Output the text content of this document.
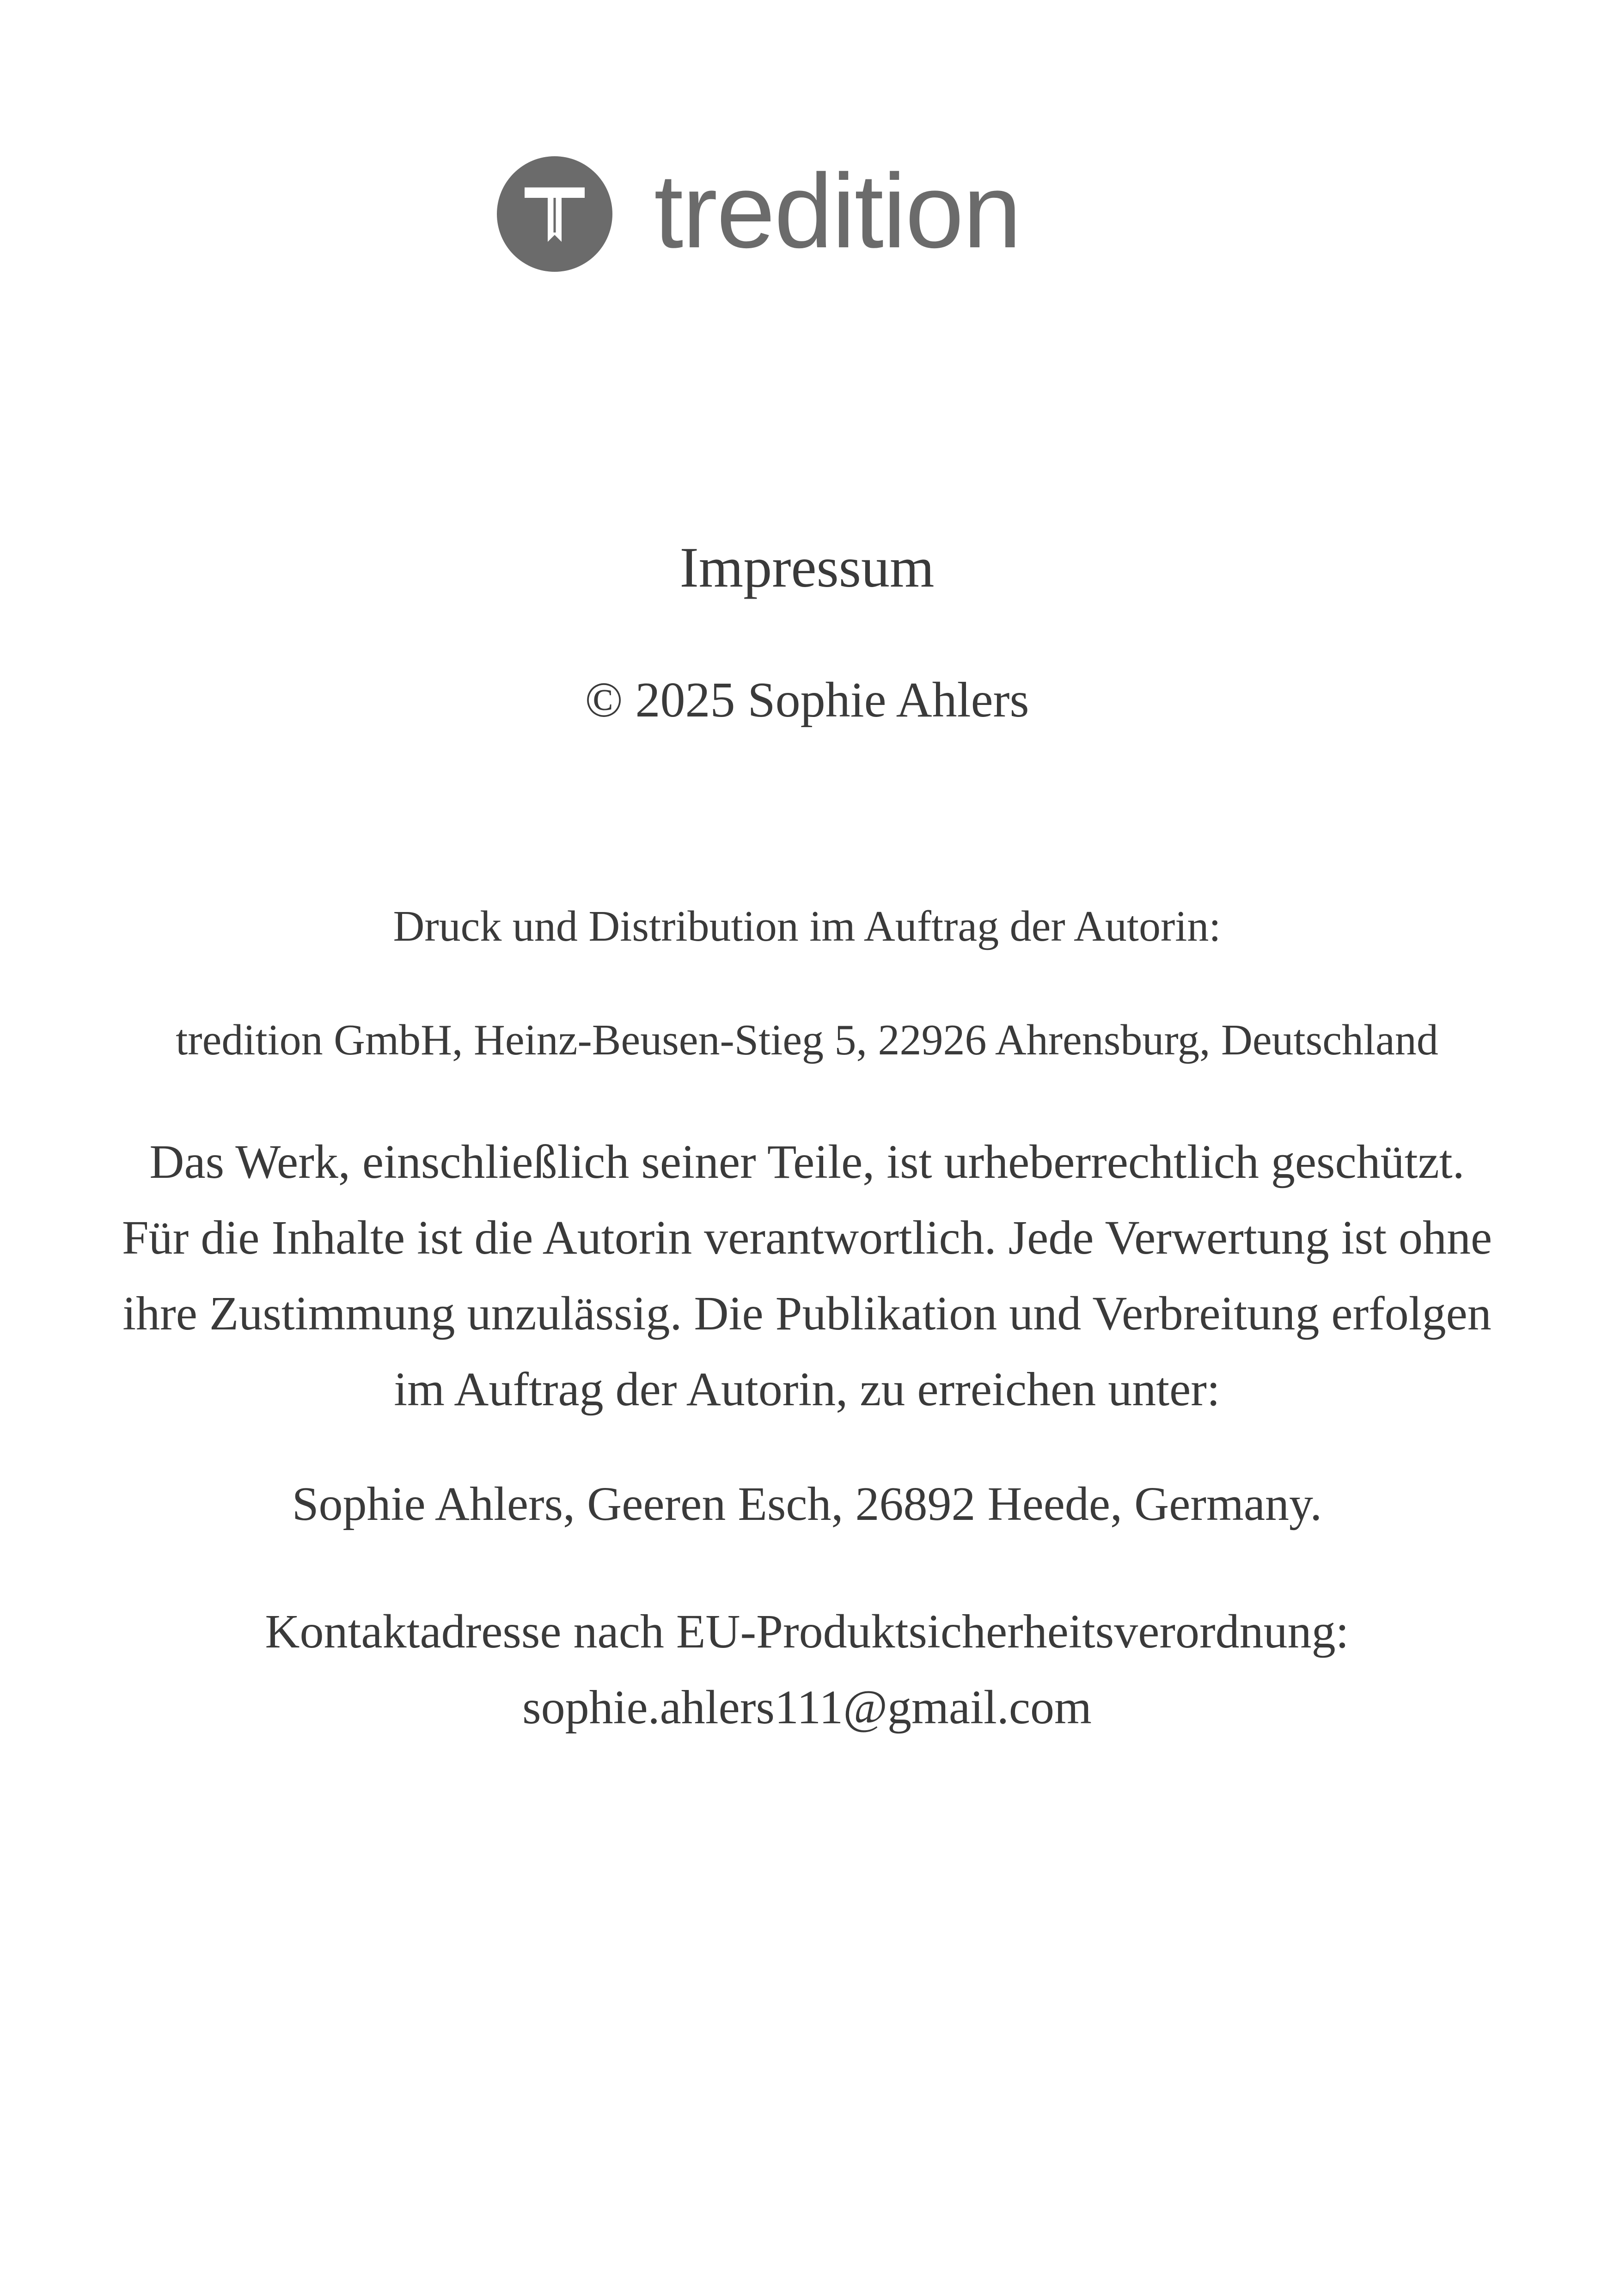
tredition

Impressum

© 2025 Sophie Ahlers

Druck und Distribution im Auftrag der Autorin:

tredition GmbH, Heinz-Beusen-Stieg 5, 22926 Ahrensburg, Deutschland

Das Werk, einschließlich seiner Teile, ist urheberrechtlich geschützt. Für die Inhalte ist die Autorin verantwortlich. Jede Verwertung ist ohne ihre Zustimmung unzulässig. Die Publikation und Verbreitung erfolgen im Auftrag der Autorin, zu erreichen unter:

Sophie Ahlers, Geeren Esch, 26892 Heede, Germany.

Kontaktadresse nach EU-Produktsicherheitsverordnung:
sophie.ahlers111@gmail.com
